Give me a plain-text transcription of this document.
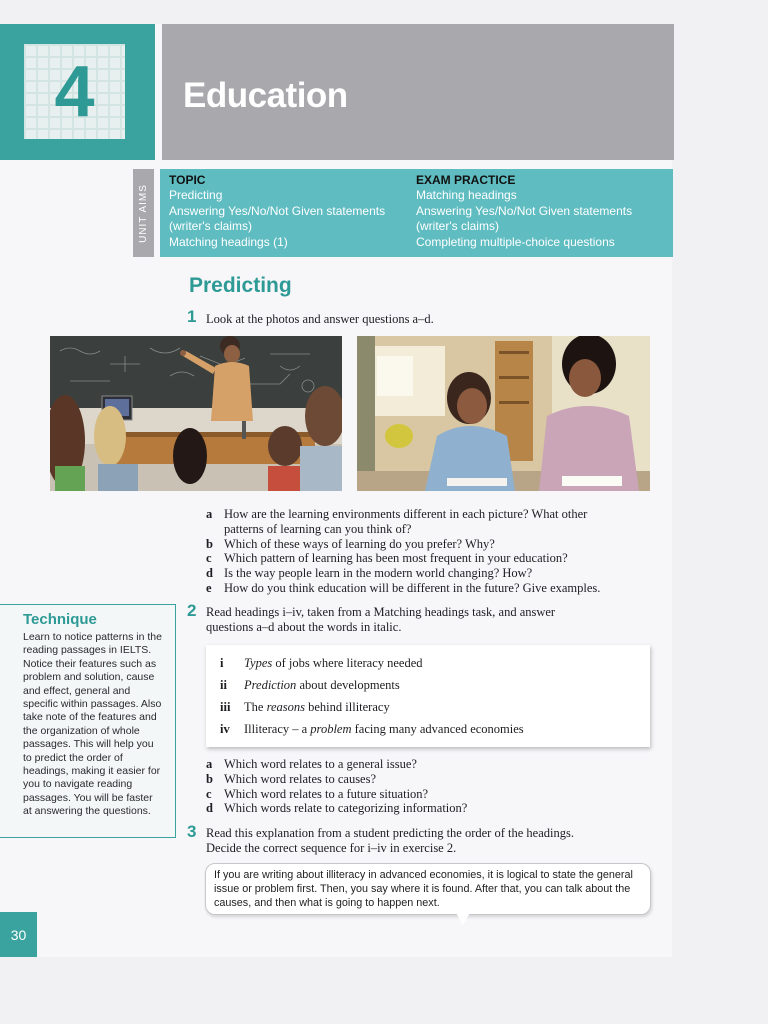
4	Education
UNIT AIMS
TOPIC
Predicting
Answering Yes/No/Not Given statements
(writer's claims)
Matching headings (1)
EXAM PRACTICE
Matching headings
Answering Yes/No/Not Given statements
(writer's claims)
Completing multiple-choice questions
Predicting
1 Look at the photos and answer questions a–d.
a How are the learning environments different in each picture? What other
patterns of learning can you think of?
b Which of these ways of learning do you prefer? Why?
c Which pattern of learning has been most frequent in your education?
d Is the way people learn in the modern world changing? How?
e How do you think education will be different in the future? Give examples.
Technique
Learn to notice patterns in the reading passages in IELTS. Notice their features such as problem and solution, cause and effect, general and specific within passages. Also take note of the features and the organization of whole passages. This will help you to predict the order of headings, making it easier for you to navigate reading passages. You will be faster at answering the questions.
2 Read headings i–iv, taken from a Matching headings task, and answer
questions a–d about the words in italic.
i	Types of jobs where literacy needed
ii	Prediction about developments
iii	The reasons behind illiteracy
iv	Illiteracy – a problem facing many advanced economies
a Which word relates to a general issue?
b Which word relates to causes?
c Which word relates to a future situation?
d Which words relate to categorizing information?
3 Read this explanation from a student predicting the order of the headings.
Decide the correct sequence for i–iv in exercise 2.
If you are writing about illiteracy in advanced economies, it is logical to state the general issue or problem first. Then, you say where it is found. After that, you can talk about the causes, and then what is going to happen next.
30
